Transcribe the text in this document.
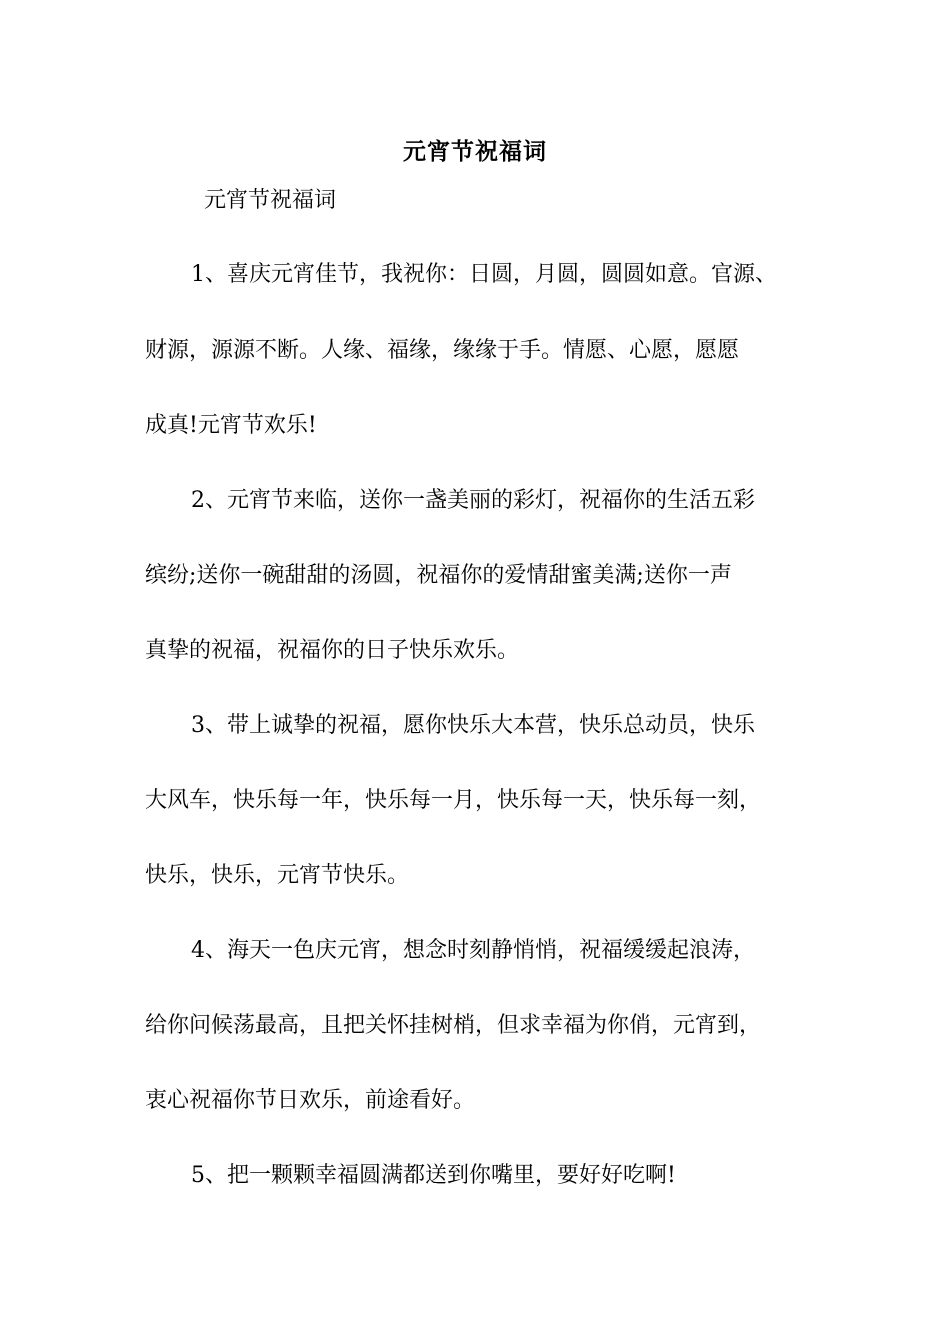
元宵节祝福词
元宵节祝福词
1、喜庆元宵佳节，我祝你：日圆，月圆，圆圆如意。官源、
财源，源源不断。人缘、福缘，缘缘于手。情愿、心愿，愿愿
成真!元宵节欢乐!
2、元宵节来临，送你一盏美丽的彩灯，祝福你的生活五彩
缤纷;送你一碗甜甜的汤圆，祝福你的爱情甜蜜美满;送你一声
真挚的祝福，祝福你的日子快乐欢乐。
3、带上诚挚的祝福，愿你快乐大本营，快乐总动员，快乐
大风车，快乐每一年，快乐每一月，快乐每一天，快乐每一刻，
快乐，快乐，元宵节快乐。
4、海天一色庆元宵，想念时刻静悄悄，祝福缓缓起浪涛，
给你问候荡最高，且把关怀挂树梢，但求幸福为你俏，元宵到，
衷心祝福你节日欢乐，前途看好。
5、把一颗颗幸福圆满都送到你嘴里，要好好吃啊!
